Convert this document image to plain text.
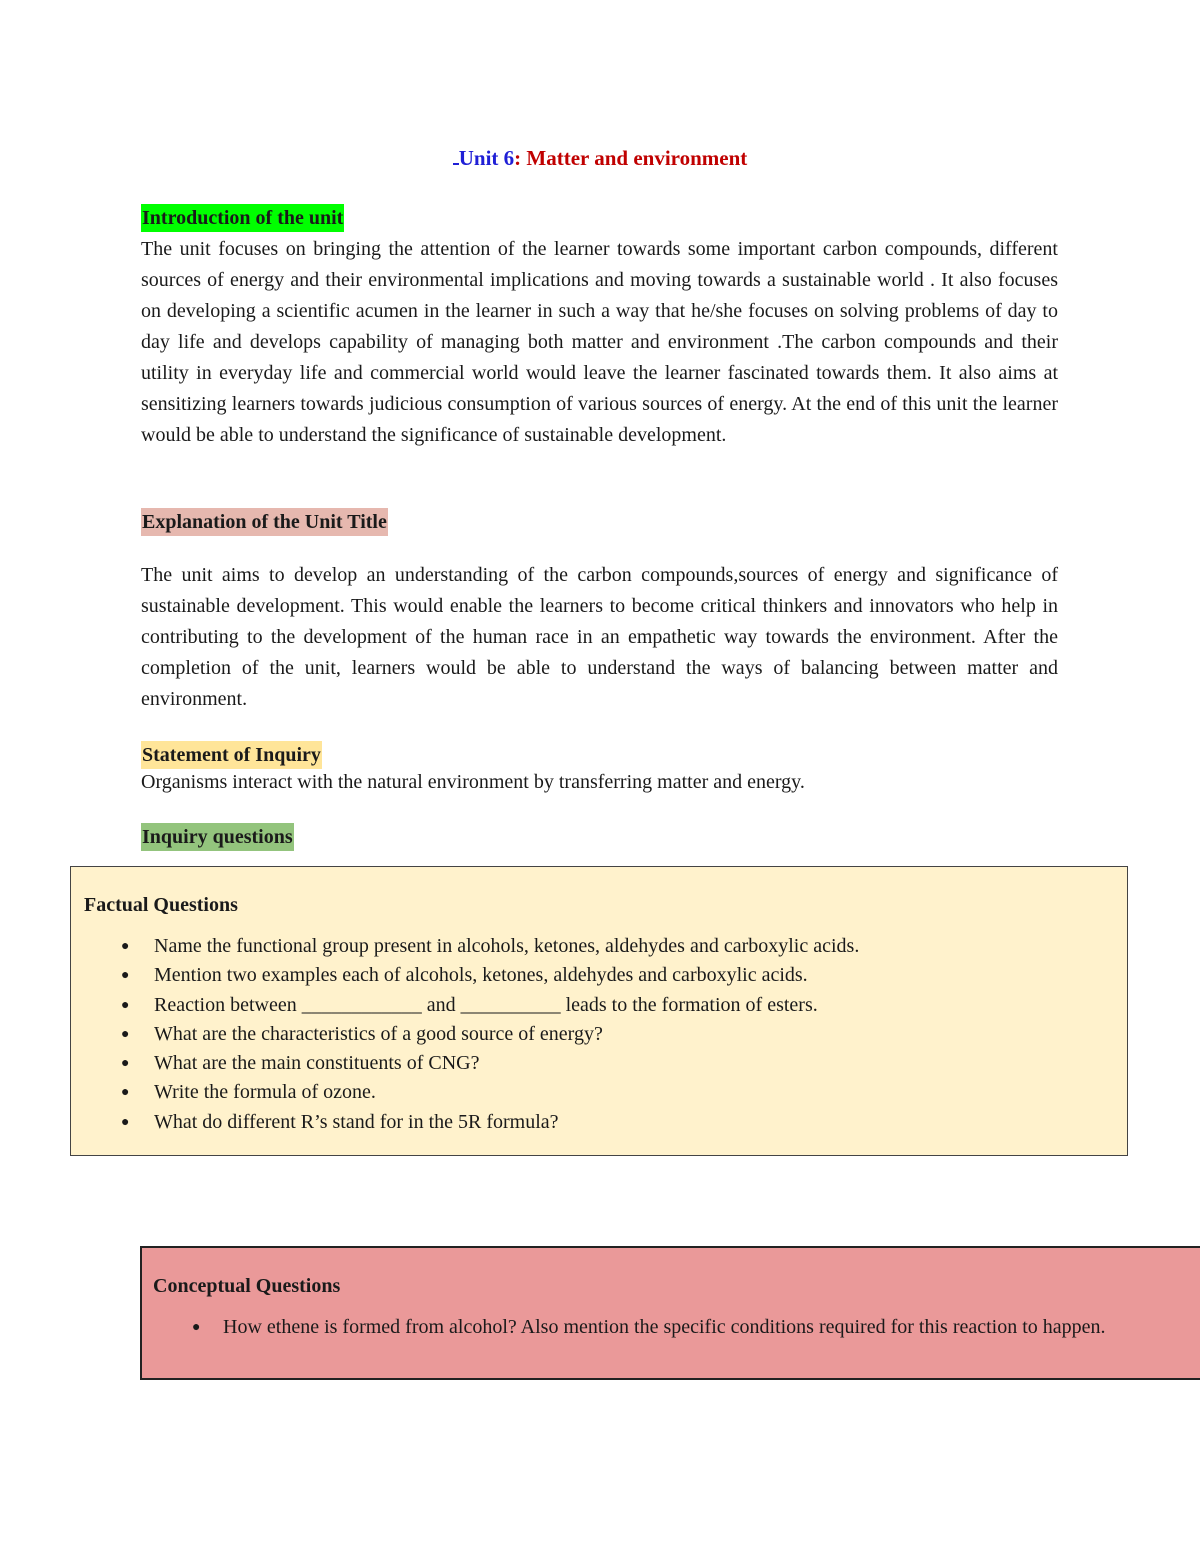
Unit 6: Matter and environment
Introduction of the unit

The unit focuses on bringing the attention of the learner towards some important carbon compounds, different sources of energy and their environmental implications and moving towards a sustainable world . It also focuses on developing a scientific acumen in the learner in such a way that he/she focuses on solving problems of day to day life and develops capability of managing both matter and environment .The carbon compounds and their utility in everyday life and commercial world would leave the learner fascinated towards them. It also aims at sensitizing learners towards judicious consumption of various sources of energy. At the end of this unit the learner would be able to understand the significance of sustainable development.

Explanation of the Unit Title

The unit aims to develop an understanding of the carbon compounds,sources of energy and significance of sustainable development. This would enable the learners to become critical thinkers and innovators who help in contributing to the development of the human race in an empathetic way towards the environment. After the completion of the unit, learners would be able to understand the ways of balancing between matter and environment.

Statement of Inquiry

Organisms interact with the natural environment by transferring matter and energy.

Inquiry questions
Factual Questions
● Name the functional group present in alcohols, ketones, aldehydes and carboxylic acids.
● Mention two examples each of alcohols, ketones, aldehydes and carboxylic acids.
● Reaction between ____________ and __________ leads to the formation of esters.
● What are the characteristics of a good source of energy?
● What are the main constituents of CNG?
● Write the formula of ozone.
● What do different R’s stand for in the 5R formula?
Conceptual Questions
● How ethene is formed from alcohol? Also mention the specific conditions required for this reaction to happen.
